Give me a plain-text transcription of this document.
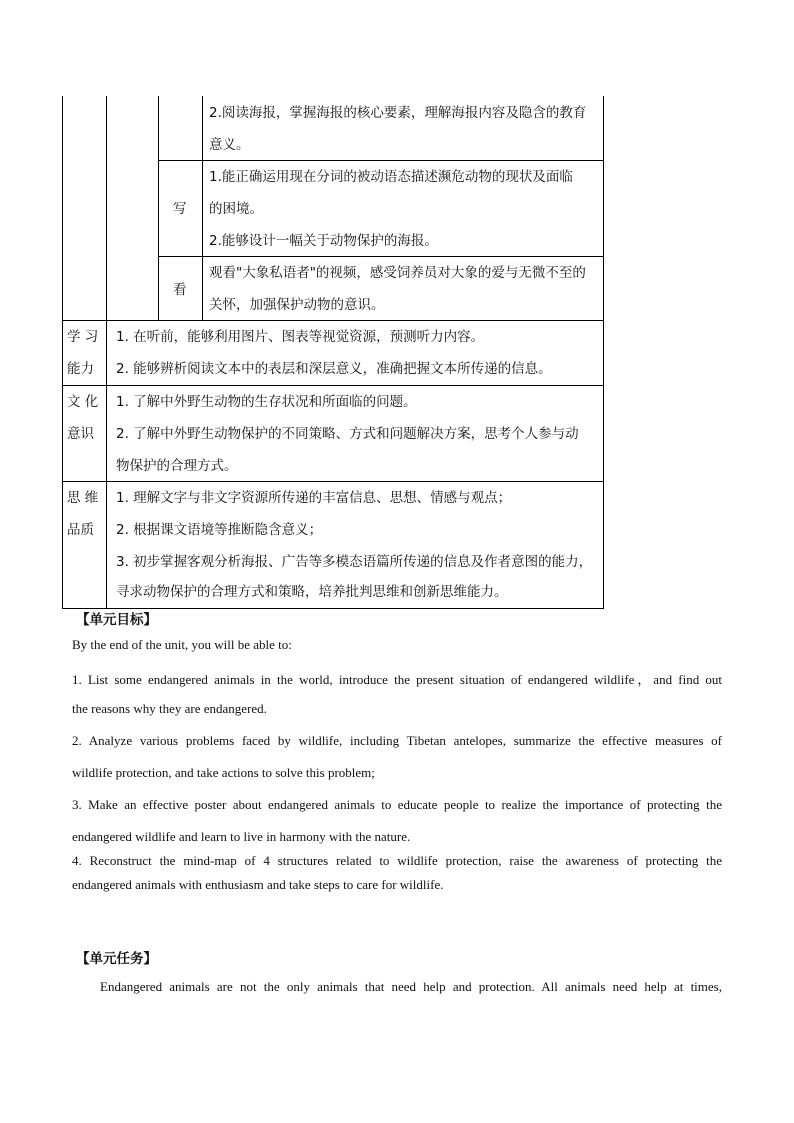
2.阅读海报，掌握海报的核心要素，理解海报内容及隐含的教育
意义。
写
1.能正确运用现在分词的被动语态描述濒危动物的现状及面临
的困境。
2.能够设计一幅关于动物保护的海报。
看
观看"大象私语者"的视频，感受饲养员对大象的爱与无微不至的
关怀，加强保护动物的意识。
学 习
能力
1. 在听前，能够利用图片、图表等视觉资源，预测听力内容。
2. 能够辨析阅读文本中的表层和深层意义，准确把握文本所传递的信息。
文 化
意识
1. 了解中外野生动物的生存状况和所面临的问题。
2. 了解中外野生动物保护的不同策略、方式和问题解决方案，思考个人参与动
物保护的合理方式。
思 维
品质
1. 理解文字与非文字资源所传递的丰富信息、思想、情感与观点；
2. 根据课文语境等推断隐含意义；
3. 初步掌握客观分析海报、广告等多模态语篇所传递的信息及作者意图的能力，
寻求动物保护的合理方式和策略，培养批判思维和创新思维能力。
【单元目标】
By the end of the unit, you will be able to:
1. List some endangered animals in the world, introduce the present situation of endangered wildlife，and find out
the reasons why they are endangered.
2. Analyze various problems faced by wildlife, including Tibetan antelopes, summarize the effective measures of
wildlife protection, and take actions to solve this problem;
3. Make an effective poster about endangered animals to educate people to realize the importance of protecting the
endangered wildlife and learn to live in harmony with the nature.
4. Reconstruct the mind-map of 4 structures related to wildlife protection, raise the awareness of protecting the
endangered animals with enthusiasm and take steps to care for wildlife.
【单元任务】
Endangered animals are not the only animals that need help and protection. All animals need help at times,
